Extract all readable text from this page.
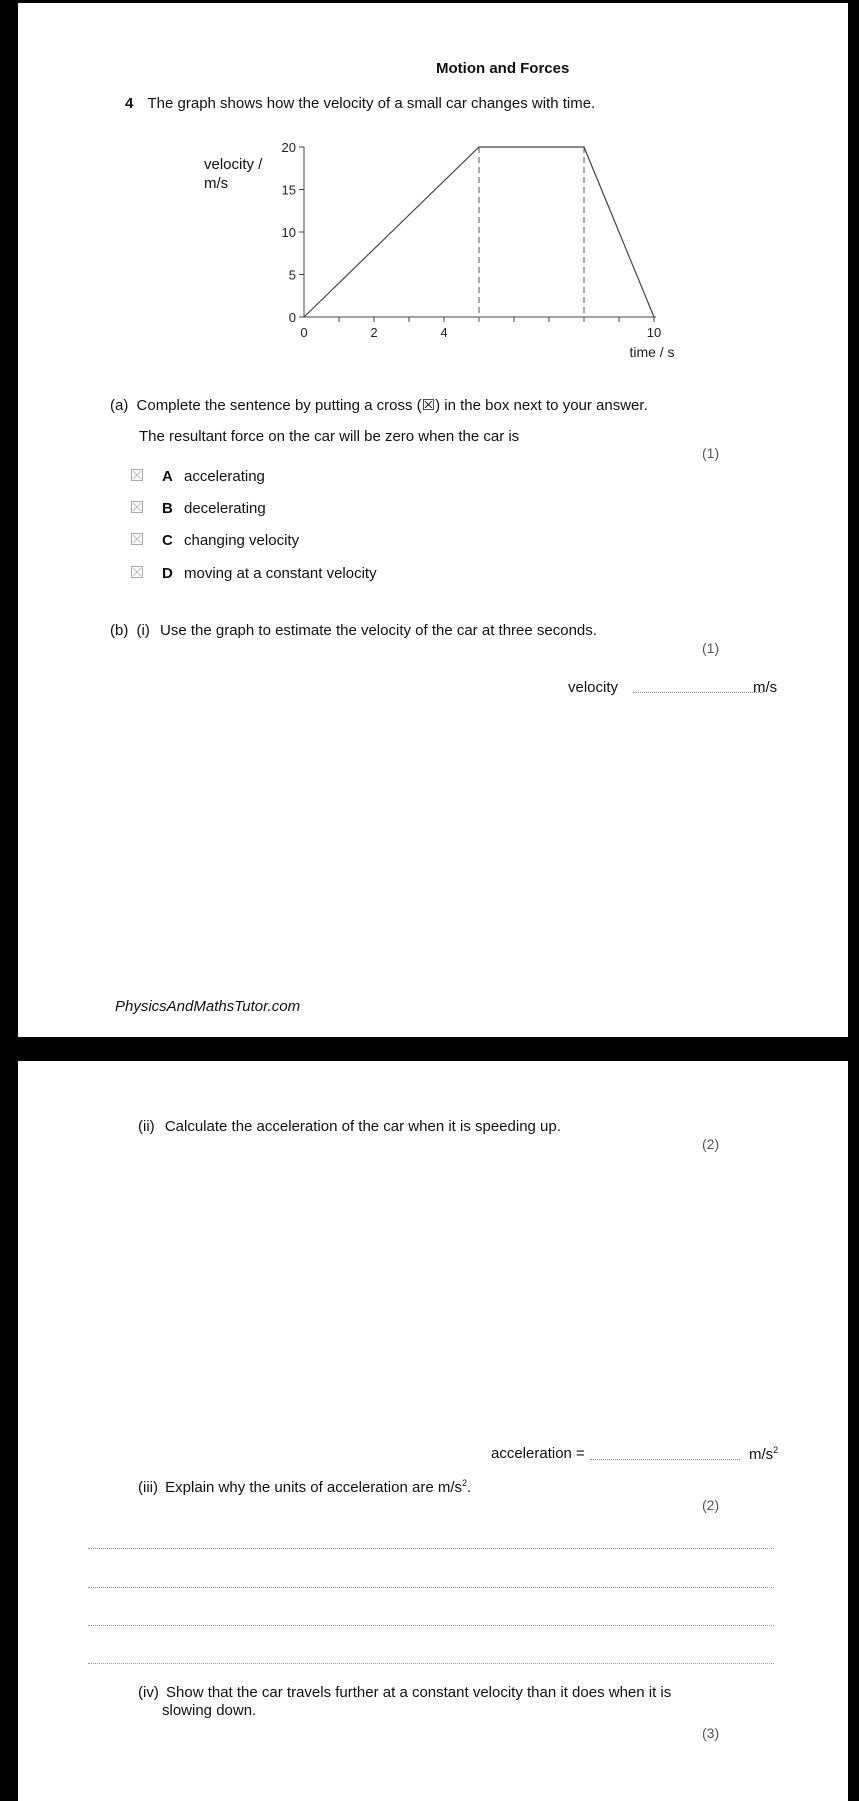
Motion and Forces
4 The graph shows how the velocity of a small car changes with time.
velocity /
m/s
0
5
10
15
20
0	2	4	10
time / s
(a) Complete the sentence by putting a cross (☒) in the box next to your answer.
The resultant force on the car will be zero when the car is
(1)
A accelerating
B decelerating
C changing velocity
D moving at a constant velocity
(b) (i) Use the graph to estimate the velocity of the car at three seconds.
(1)
velocity	m/s
PhysicsAndMathsTutor.com
(ii) Calculate the acceleration of the car when it is speeding up.
(2)
acceleration =	$m/s^2$
(iii) Explain why the units of acceleration are $m/s^2$.
(2)
(iv) Show that the car travels further at a constant velocity than it does when it is
slowing down.
(3)
